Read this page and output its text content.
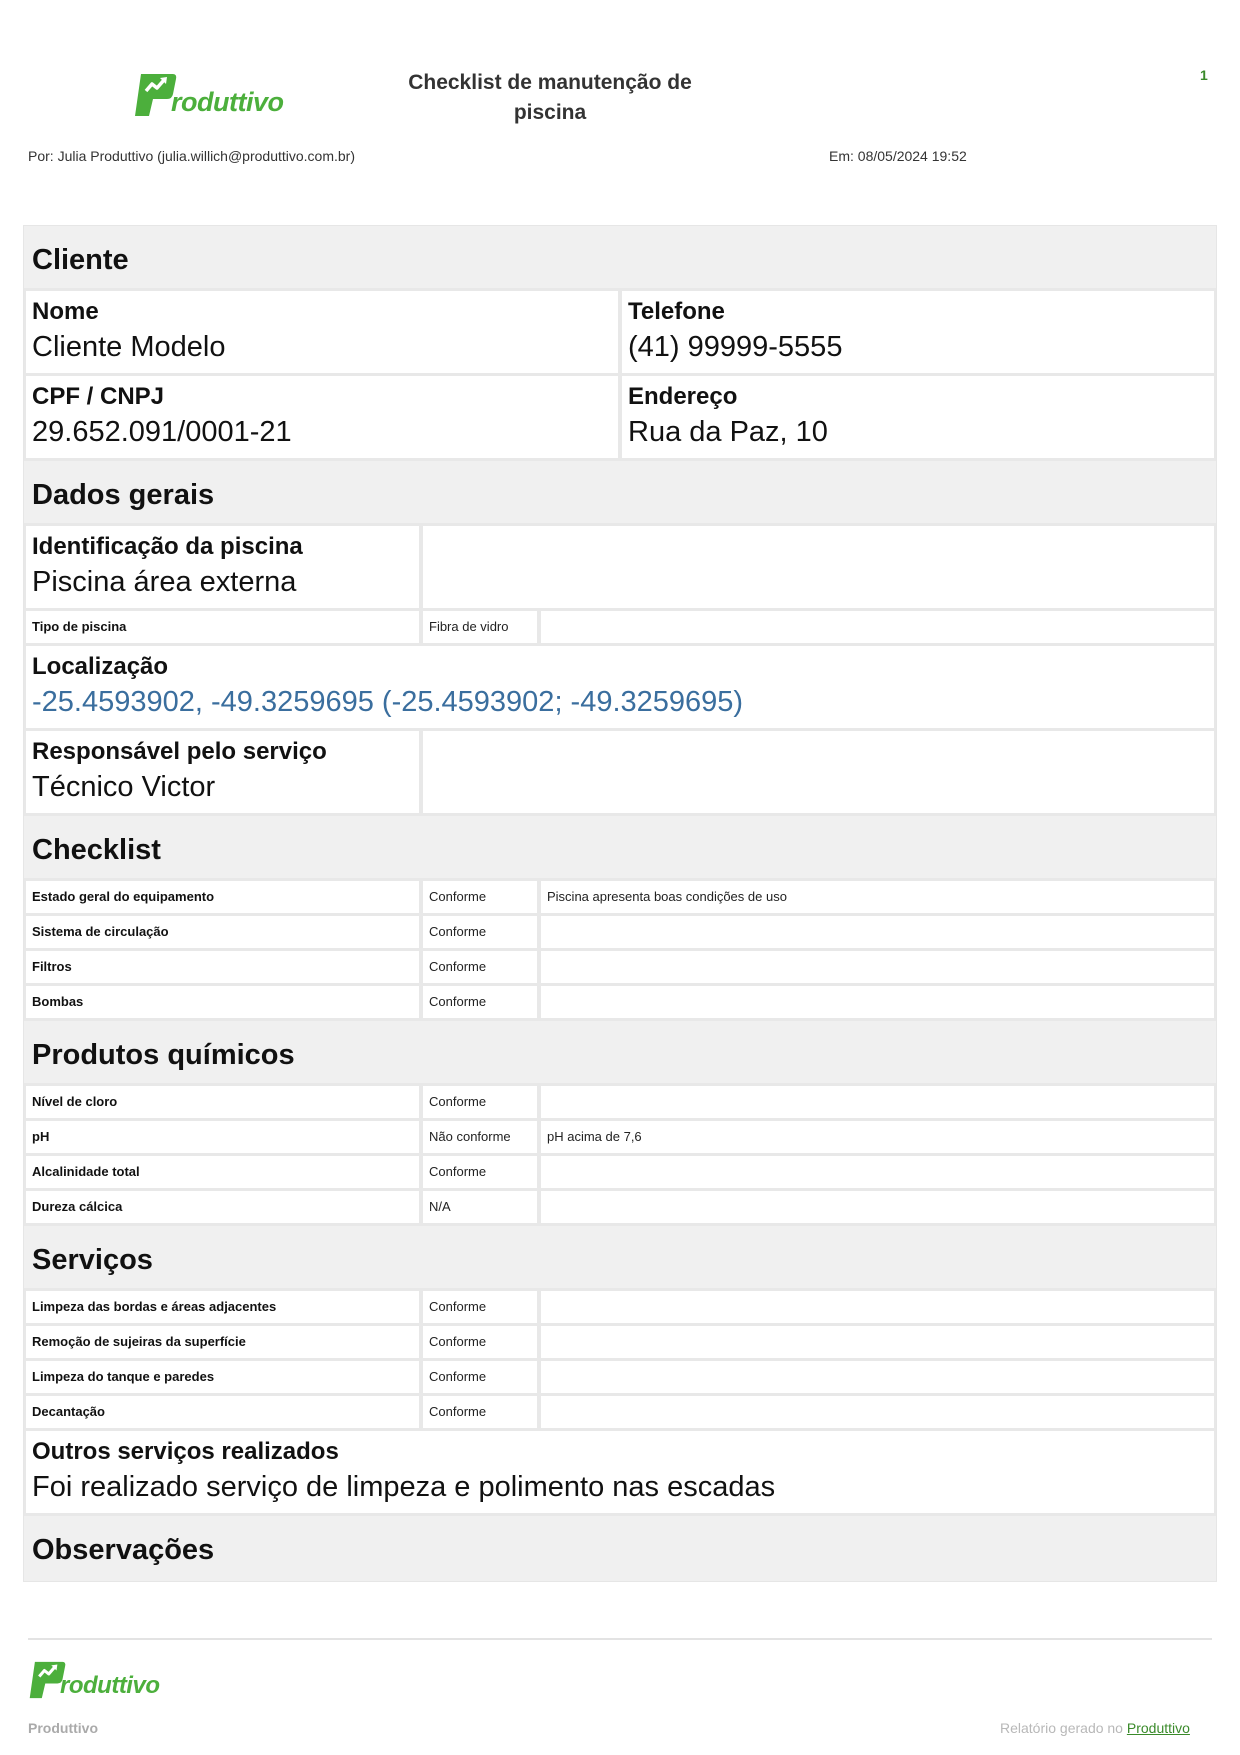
roduttivo
Checklist de manutenção de piscina
1
Por: Julia Produttivo (julia.willich@produttivo.com.br)	Em: 08/05/2024 19:52
Cliente
Nome
Cliente Modelo
Telefone
(41) 99999-5555
CPF / CNPJ
29.652.091/0001-21
Endereço
Rua da Paz, 10
Dados gerais
Identificação da piscina
Piscina área externa
Tipo de piscina	Fibra de vidro
Localização
-25.4593902, -49.3259695 (-25.4593902; -49.3259695)
Responsável pelo serviço
Técnico Victor
Checklist
Estado geral do equipamento	Conforme	Piscina apresenta boas condições de uso
Sistema de circulação	Conforme
Filtros	Conforme
Bombas	Conforme
Produtos químicos
Nível de cloro	Conforme
pH	Não conforme	pH acima de 7,6
Alcalinidade total	Conforme
Dureza cálcica	N/A
Serviços
Limpeza das bordas e áreas adjacentes	Conforme
Remoção de sujeiras da superfície	Conforme
Limpeza do tanque e paredes	Conforme
Decantação	Conforme
Outros serviços realizados
Foi realizado serviço de limpeza e polimento nas escadas
Observações
roduttivo
Produttivo	Relatório gerado no Produttivo
